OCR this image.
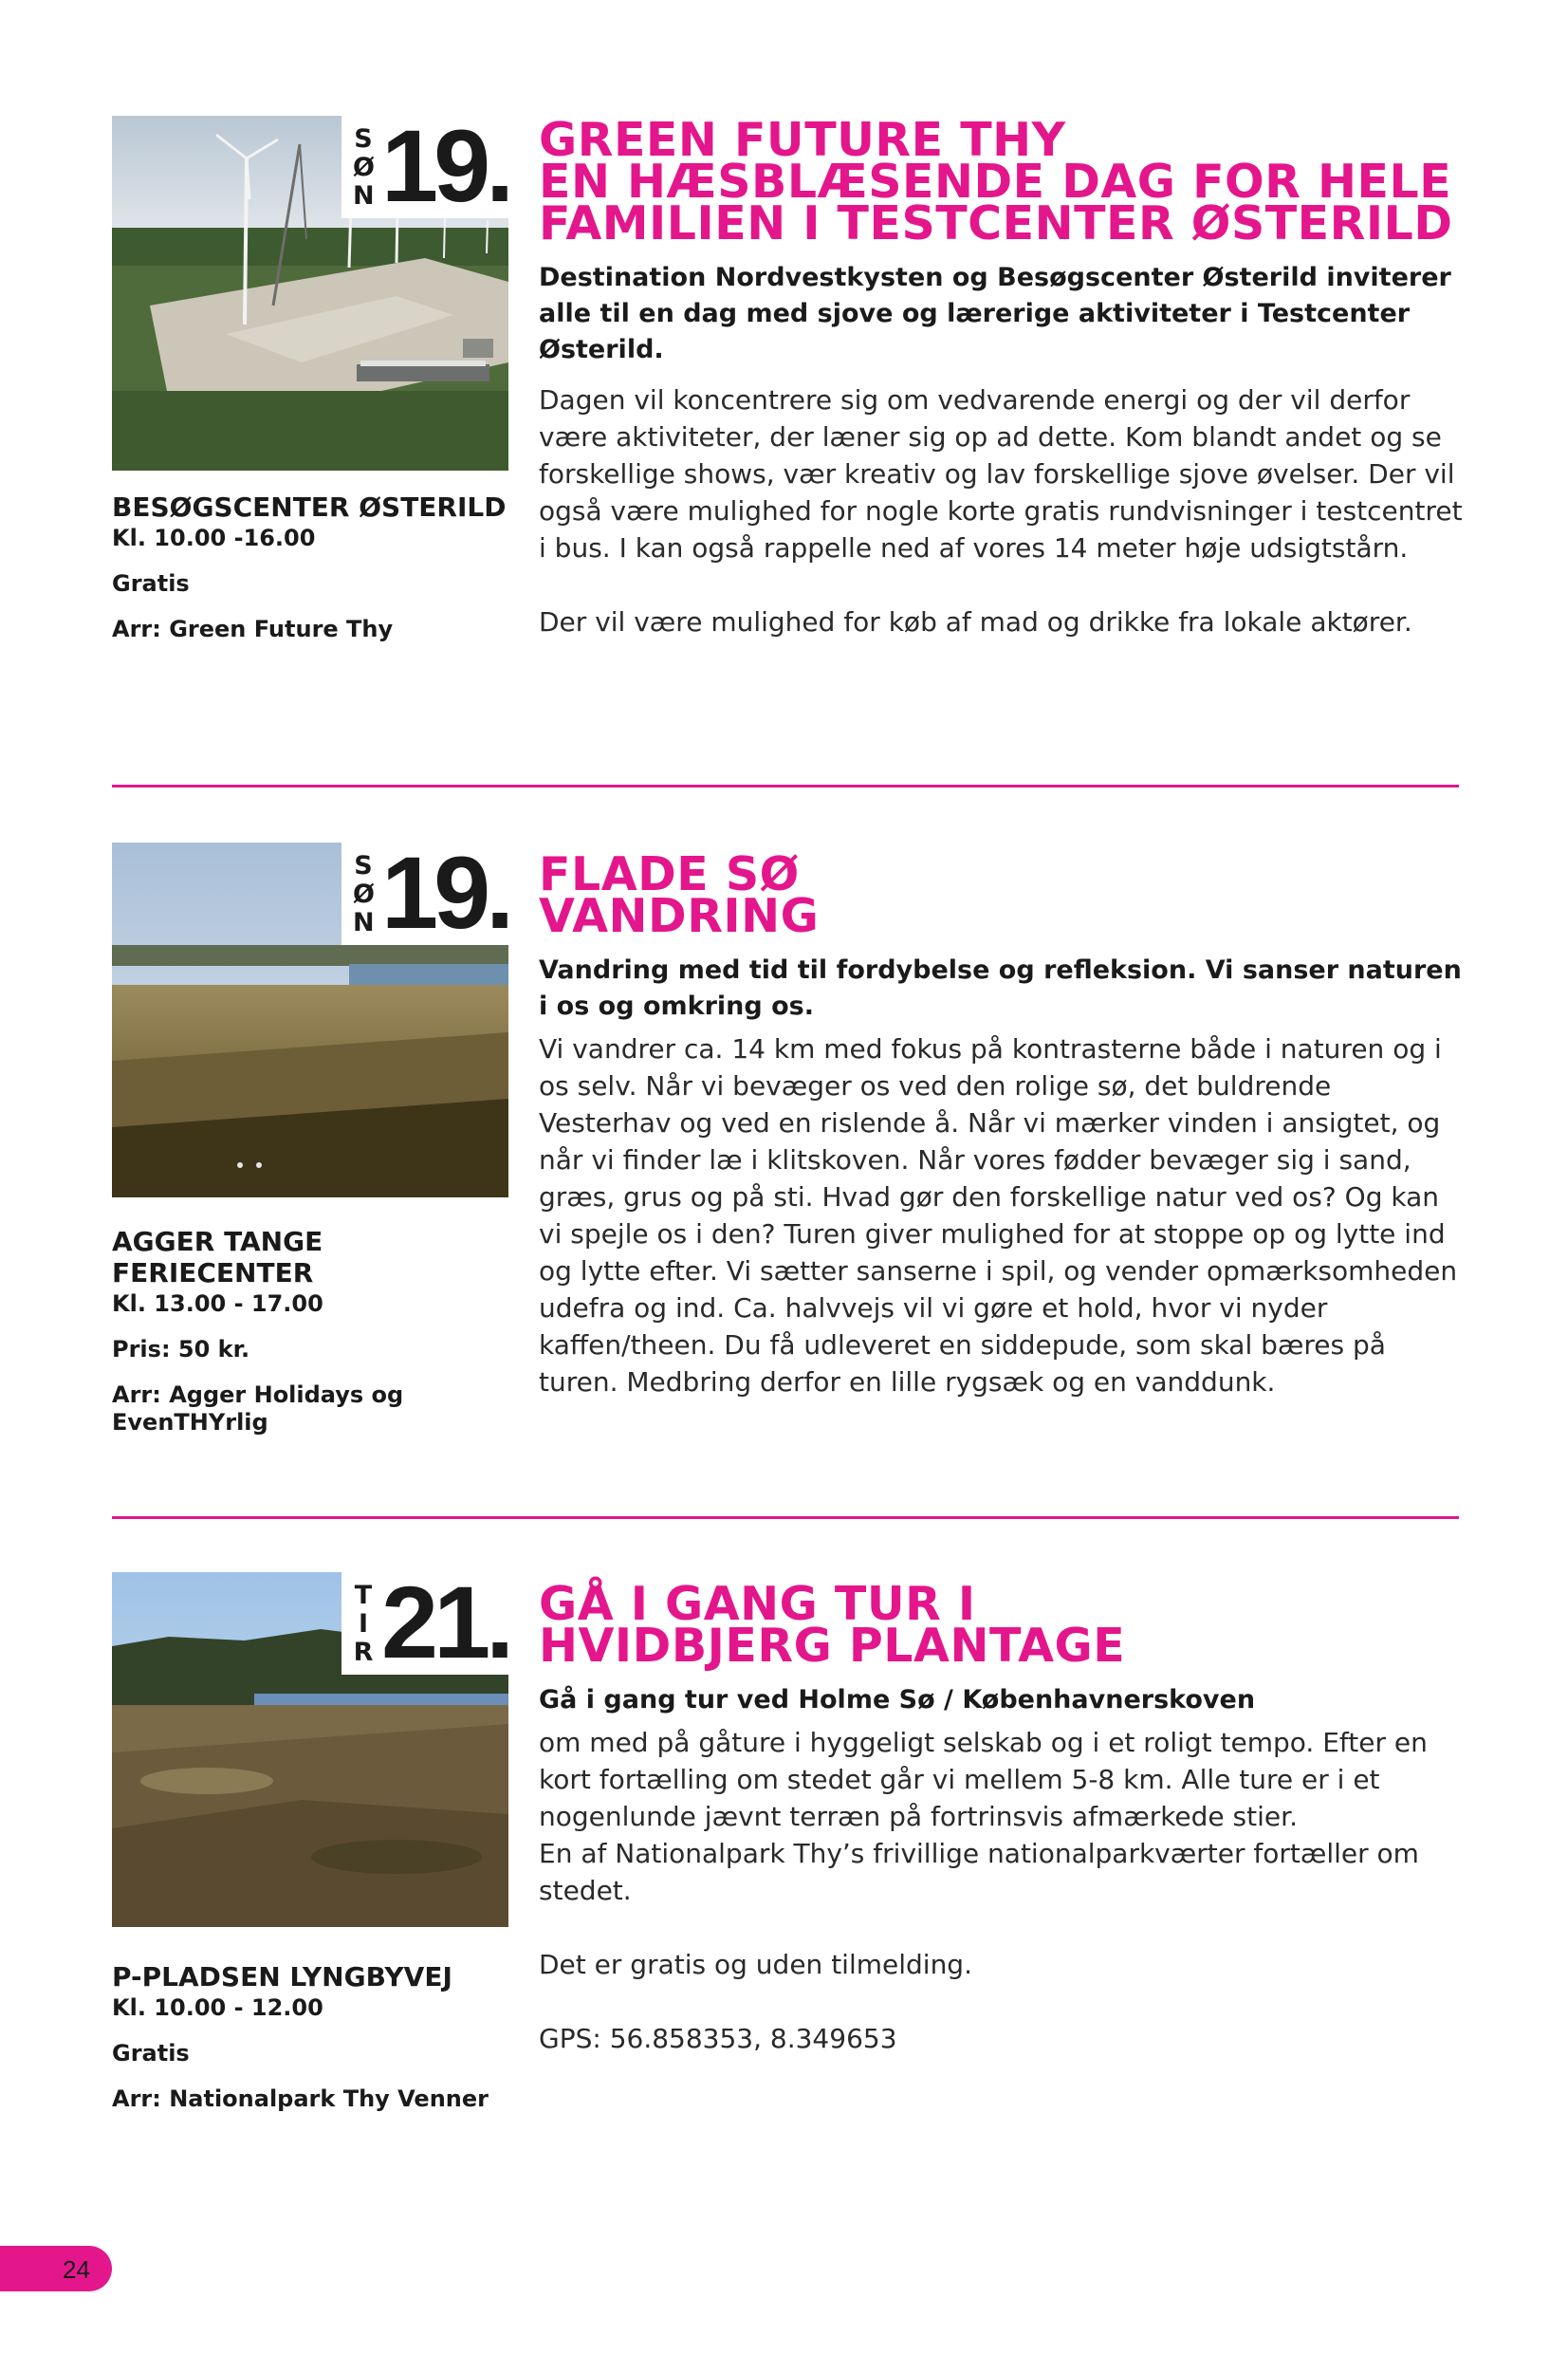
SØN 19.
BESØGSCENTER ØSTERILD
Kl. 10.00 -16.00
Gratis
Arr: Green Future Thy
GREEN FUTURE THY
EN HÆSBLÆSENDE DAG FOR HELE
FAMILIEN I TESTCENTER ØSTERILD

Destination Nordvestkysten og Besøgscenter Østerild inviterer alle til en dag med sjove og lærerige aktiviteter i Testcenter Østerild.

Dagen vil koncentrere sig om vedvarende energi og der vil derfor være aktiviteter, der læner sig op ad dette. Kom blandt andet og se forskellige shows, vær kreativ og lav forskellige sjove øvelser. Der vil også være mulighed for nogle korte gratis rundvisninger i testcentret i bus. I kan også rappelle ned af vores 14 meter høje udsigtstårn.

Der vil være mulighed for køb af mad og drikke fra lokale aktører.

SØN 19.
AGGER TANGE FERIECENTER
Kl. 13.00 - 17.00
Pris: 50 kr.
Arr: Agger Holidays og EvenTHYrlig
FLADE SØ
VANDRING

Vandring med tid til fordybelse og refleksion. Vi sanser naturen i os og omkring os.

Vi vandrer ca. 14 km med fokus på kontrasterne både i naturen og i os selv. Når vi bevæger os ved den rolige sø, det buldrende Vesterhav og ved en rislende å. Når vi mærker vinden i ansigtet, og når vi finder læ i klitskoven. Når vores fødder bevæger sig i sand, græs, grus og på sti. Hvad gør den forskellige natur ved os? Og kan vi spejle os i den? Turen giver mulighed for at stoppe op og lytte ind og lytte efter. Vi sætter sanserne i spil, og vender opmærksomheden udefra og ind. Ca. halvvejs vil vi gøre et hold, hvor vi nyder kaffen/theen. Du få udleveret en siddepude, som skal bæres på turen. Medbring derfor en lille rygsæk og en vanddunk.

TIR 21.
P-PLADSEN LYNGBYVEJ
Kl. 10.00 - 12.00
Gratis
Arr: Nationalpark Thy Venner
GÅ I GANG TUR I
HVIDBJERG PLANTAGE

Gå i gang tur ved Holme Sø / Københavnerskoven

om med på gåture i hyggeligt selskab og i et roligt tempo. Efter en kort fortælling om stedet går vi mellem 5-8 km. Alle ture er i et nogenlunde jævnt terræn på fortrinsvis afmærkede stier.
En af Nationalpark Thy’s frivillige nationalparkværter fortæller om stedet.

Det er gratis og uden tilmelding.

GPS: 56.858353, 8.349653

24
